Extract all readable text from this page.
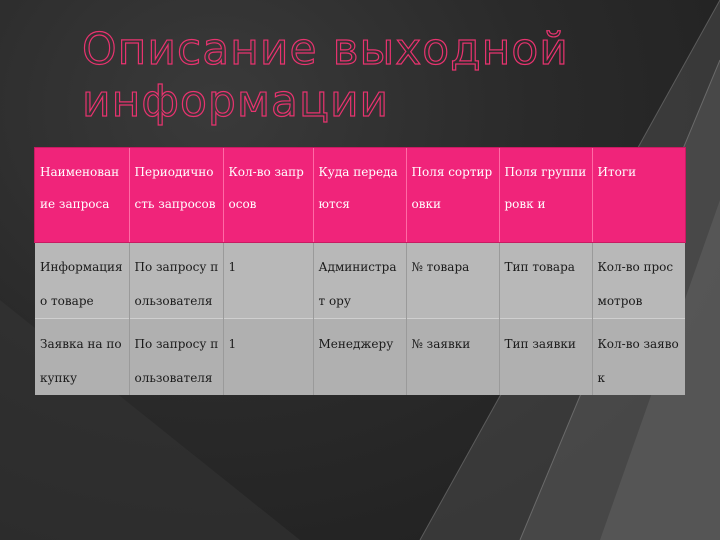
Описание выходной
информации
Наименован ие запроса	Периодично сть запросов	Кол-во запросов	Куда передаются	Поля сортировки	Поля группировк и	Итоги

Информация о товаре	По запросу пользователя	1	Администрат ору	№ товара	Тип товара	Кол-во просмотров

Заявка на покупку	По запросу пользователя	1	Менеджеру	№ заявки	Тип заявки	Кол-во заявок
